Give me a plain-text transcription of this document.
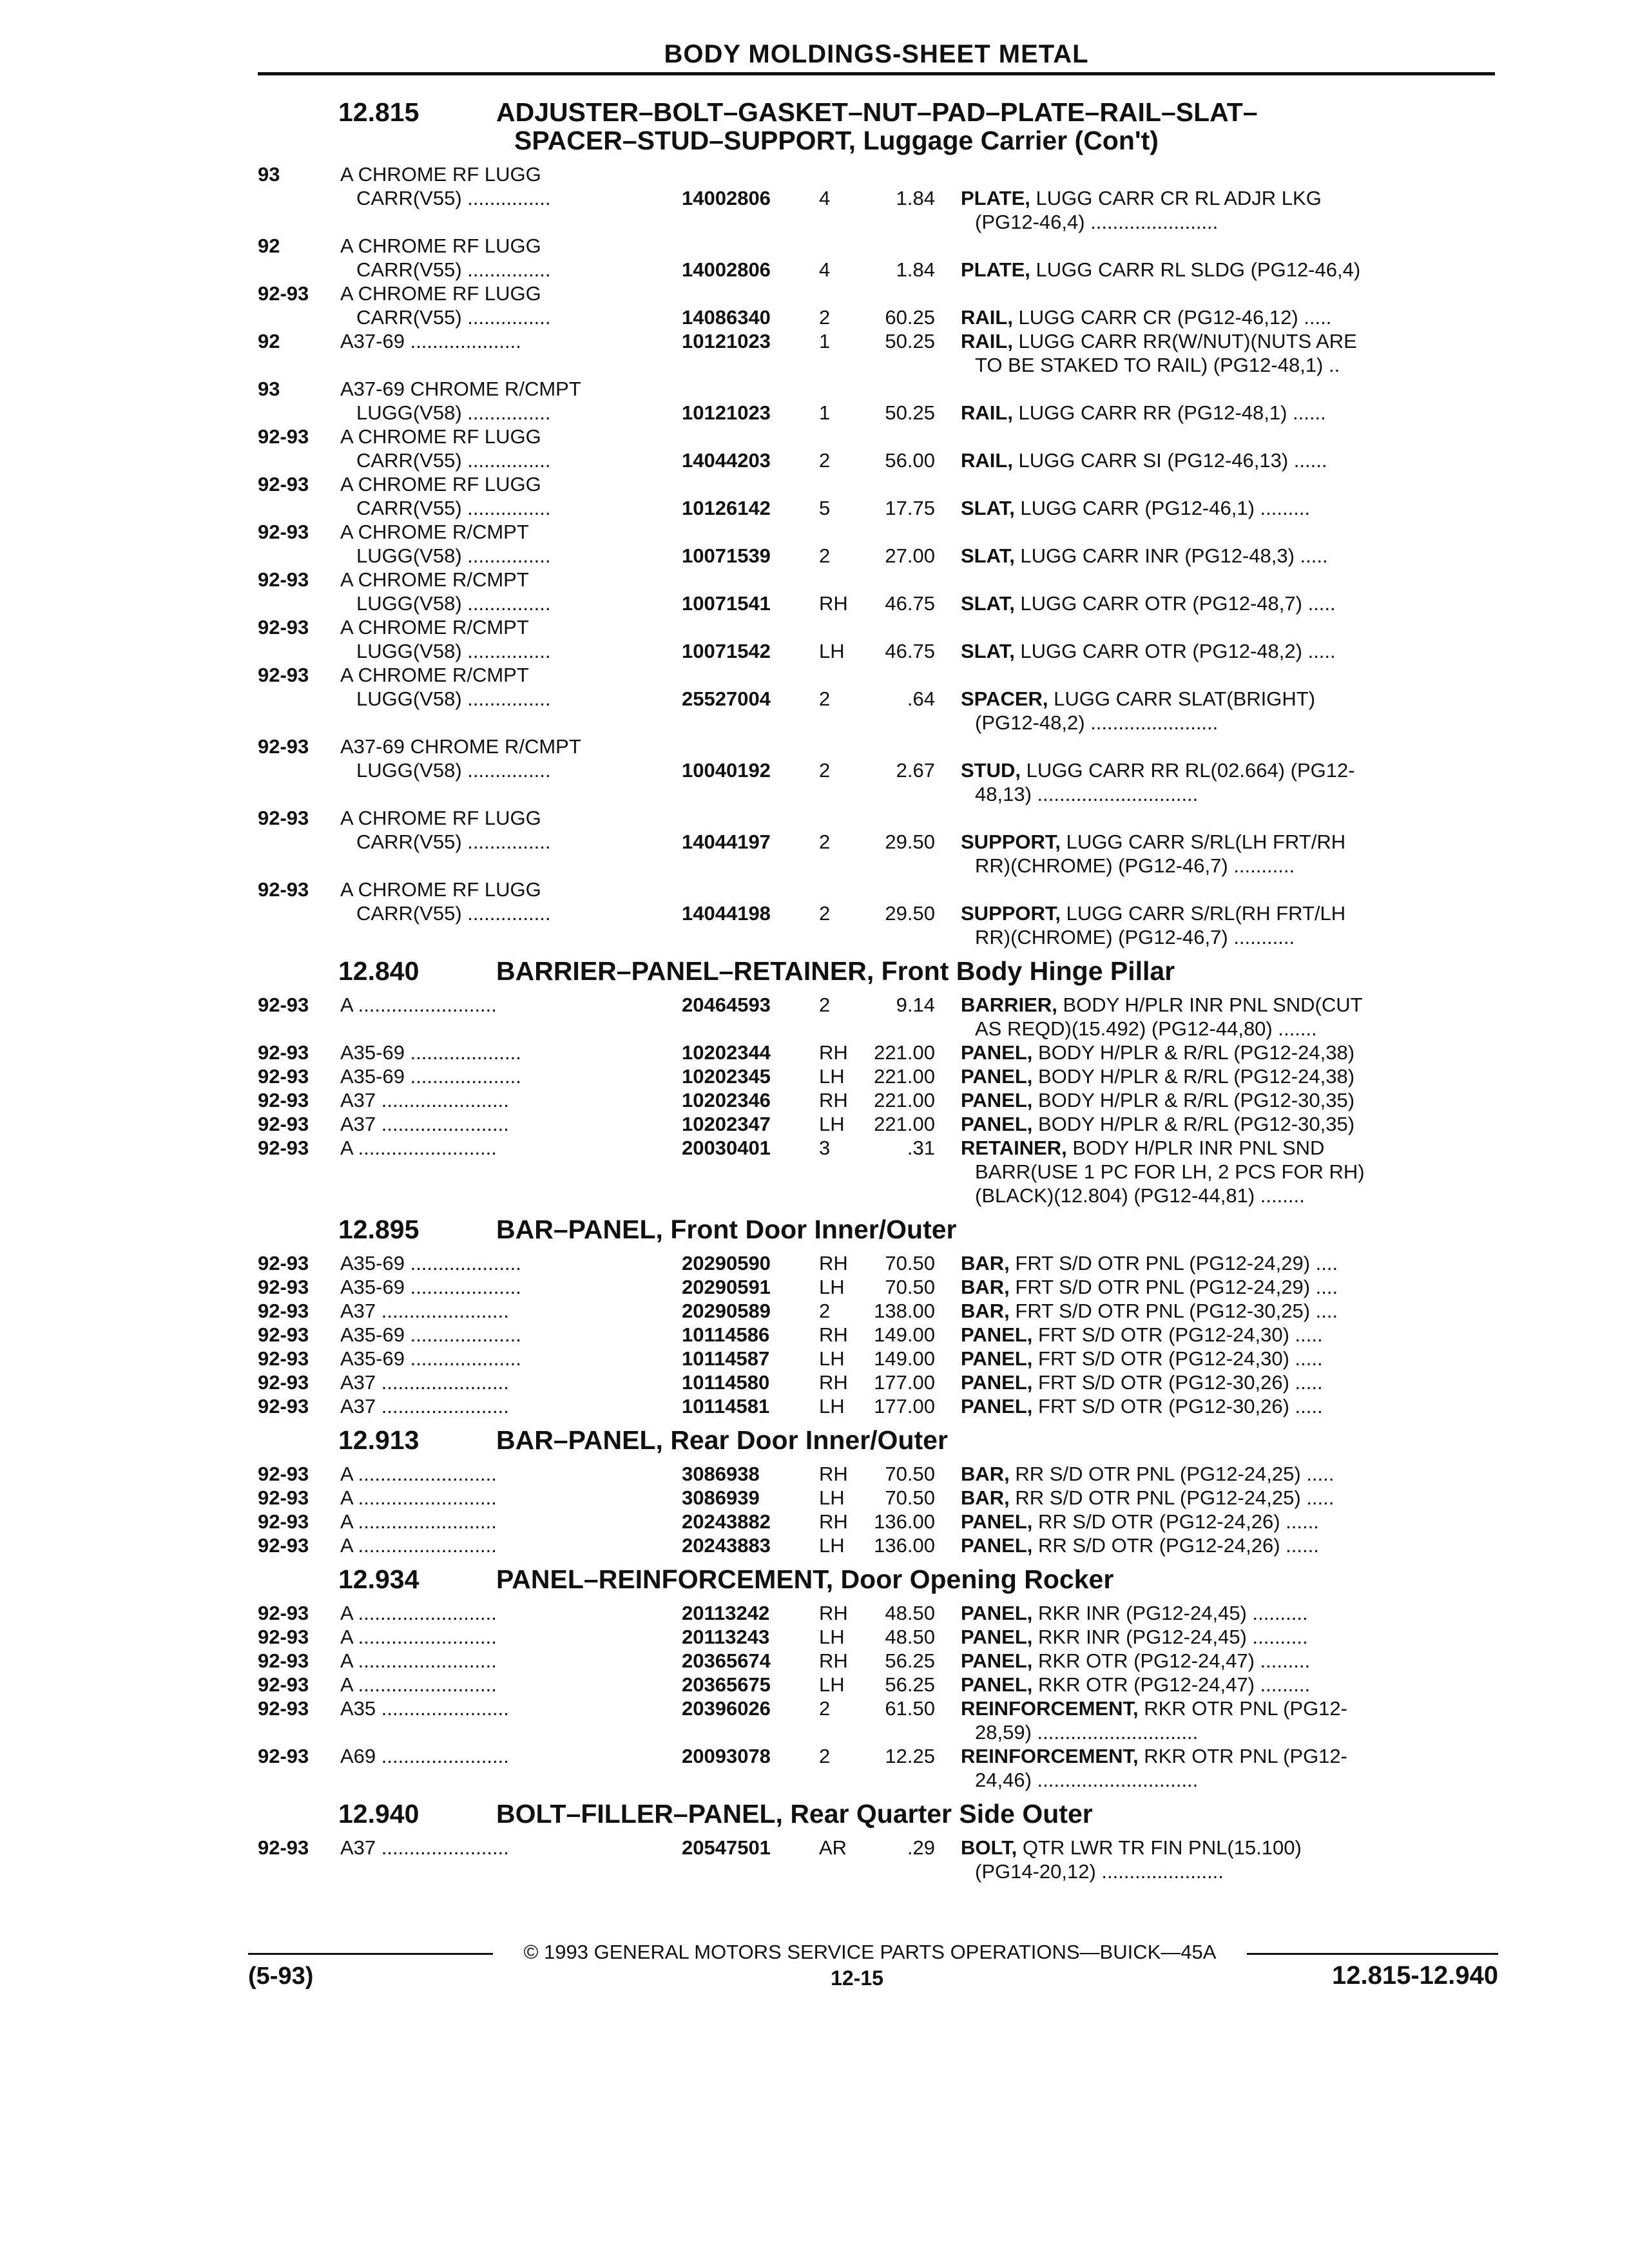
BODY MOLDINGS-SHEET METAL
12.815	ADJUSTER–BOLT–GASKET–NUT–PAD–PLATE–RAIL–SLAT–
SPACER–STUD–SUPPORT, Luggage Carrier (Con't)
93	A CHROME RF LUGG
CARR(V55) ...............	14002806	4	1.84	PLATE, LUGG CARR CR RL ADJR LKG
(PG12-46,4) .......................
92	A CHROME RF LUGG
CARR(V55) ...............	14002806	4	1.84	PLATE, LUGG CARR RL SLDG (PG12-46,4)
92-93	A CHROME RF LUGG
CARR(V55) ...............	14086340	2	60.25	RAIL, LUGG CARR CR (PG12-46,12) .....
92	A37-69 ....................	10121023	1	50.25	RAIL, LUGG CARR RR(W/NUT)(NUTS ARE
TO BE STAKED TO RAIL) (PG12-48,1) ..
93	A37-69 CHROME R/CMPT
LUGG(V58) ...............	10121023	1	50.25	RAIL, LUGG CARR RR (PG12-48,1) ......
92-93	A CHROME RF LUGG
CARR(V55) ...............	14044203	2	56.00	RAIL, LUGG CARR SI (PG12-46,13) ......
92-93	A CHROME RF LUGG
CARR(V55) ...............	10126142	5	17.75	SLAT, LUGG CARR (PG12-46,1) .........
92-93	A CHROME R/CMPT
LUGG(V58) ...............	10071539	2	27.00	SLAT, LUGG CARR INR (PG12-48,3) .....
92-93	A CHROME R/CMPT
LUGG(V58) ...............	10071541	RH	46.75	SLAT, LUGG CARR OTR (PG12-48,7) .....
92-93	A CHROME R/CMPT
LUGG(V58) ...............	10071542	LH	46.75	SLAT, LUGG CARR OTR (PG12-48,2) .....
92-93	A CHROME R/CMPT
LUGG(V58) ...............	25527004	2	.64	SPACER, LUGG CARR SLAT(BRIGHT)
(PG12-48,2) .......................
92-93	A37-69 CHROME R/CMPT
LUGG(V58) ...............	10040192	2	2.67	STUD, LUGG CARR RR RL(02.664) (PG12-
48,13) .............................
92-93	A CHROME RF LUGG
CARR(V55) ...............	14044197	2	29.50	SUPPORT, LUGG CARR S/RL(LH FRT/RH
RR)(CHROME) (PG12-46,7) ...........
92-93	A CHROME RF LUGG
CARR(V55) ...............	14044198	2	29.50	SUPPORT, LUGG CARR S/RL(RH FRT/LH
RR)(CHROME) (PG12-46,7) ...........
12.840	BARRIER–PANEL–RETAINER, Front Body Hinge Pillar
92-93	A .........................	20464593	2	9.14	BARRIER, BODY H/PLR INR PNL SND(CUT
AS REQD)(15.492) (PG12-44,80) .......
92-93	A35-69 ....................	10202344	RH	221.00	PANEL, BODY H/PLR & R/RL (PG12-24,38)
92-93	A35-69 ....................	10202345	LH	221.00	PANEL, BODY H/PLR & R/RL (PG12-24,38)
92-93	A37 .......................	10202346	RH	221.00	PANEL, BODY H/PLR & R/RL (PG12-30,35)
92-93	A37 .......................	10202347	LH	221.00	PANEL, BODY H/PLR & R/RL (PG12-30,35)
92-93	A .........................	20030401	3	.31	RETAINER, BODY H/PLR INR PNL SND
BARR(USE 1 PC FOR LH, 2 PCS FOR RH)
(BLACK)(12.804) (PG12-44,81) ........
12.895	BAR–PANEL, Front Door Inner/Outer
92-93	A35-69 ....................	20290590	RH	70.50	BAR, FRT S/D OTR PNL (PG12-24,29) ....
92-93	A35-69 ....................	20290591	LH	70.50	BAR, FRT S/D OTR PNL (PG12-24,29) ....
92-93	A37 .......................	20290589	2	138.00	BAR, FRT S/D OTR PNL (PG12-30,25) ....
92-93	A35-69 ....................	10114586	RH	149.00	PANEL, FRT S/D OTR (PG12-24,30) .....
92-93	A35-69 ....................	10114587	LH	149.00	PANEL, FRT S/D OTR (PG12-24,30) .....
92-93	A37 .......................	10114580	RH	177.00	PANEL, FRT S/D OTR (PG12-30,26) .....
92-93	A37 .......................	10114581	LH	177.00	PANEL, FRT S/D OTR (PG12-30,26) .....
12.913	BAR–PANEL, Rear Door Inner/Outer
92-93	A .........................	3086938	RH	70.50	BAR, RR S/D OTR PNL (PG12-24,25) .....
92-93	A .........................	3086939	LH	70.50	BAR, RR S/D OTR PNL (PG12-24,25) .....
92-93	A .........................	20243882	RH	136.00	PANEL, RR S/D OTR (PG12-24,26) ......
92-93	A .........................	20243883	LH	136.00	PANEL, RR S/D OTR (PG12-24,26) ......
12.934	PANEL–REINFORCEMENT, Door Opening Rocker
92-93	A .........................	20113242	RH	48.50	PANEL, RKR INR (PG12-24,45) ..........
92-93	A .........................	20113243	LH	48.50	PANEL, RKR INR (PG12-24,45) ..........
92-93	A .........................	20365674	RH	56.25	PANEL, RKR OTR (PG12-24,47) .........
92-93	A .........................	20365675	LH	56.25	PANEL, RKR OTR (PG12-24,47) .........
92-93	A35 .......................	20396026	2	61.50	REINFORCEMENT, RKR OTR PNL (PG12-
28,59) .............................
92-93	A69 .......................	20093078	2	12.25	REINFORCEMENT, RKR OTR PNL (PG12-
24,46) .............................
12.940	BOLT–FILLER–PANEL, Rear Quarter Side Outer
92-93	A37 .......................	20547501	AR	.29	BOLT, QTR LWR TR FIN PNL(15.100)
(PG14-20,12) ......................
© 1993 GENERAL MOTORS SERVICE PARTS OPERATIONS—BUICK—45A
(5-93)	12-15	12.815-12.940
